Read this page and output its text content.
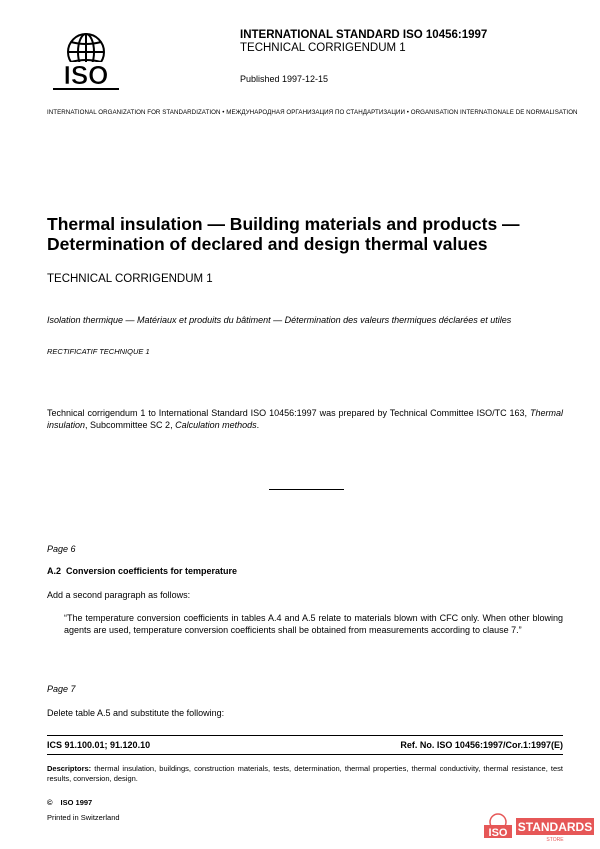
ISO
INTERNATIONAL STANDARD ISO 10456:1997
TECHNICAL CORRIGENDUM 1
Published 1997-12-15
INTERNATIONAL ORGANIZATION FOR STANDARDIZATION • МЕЖДУНАРОДНАЯ ОРГАНИЗАЦИЯ ПО СТАНДАРТИЗАЦИИ • ORGANISATION INTERNATIONALE DE NORMALISATION
Thermal insulation — Building materials and products —
Determination of declared and design thermal values
TECHNICAL CORRIGENDUM 1
Isolation thermique — Matériaux et produits du bâtiment — Détermination des valeurs thermiques déclarées et utiles
RECTIFICATIF TECHNIQUE 1
Technical corrigendum 1 to International Standard ISO 10456:1997 was prepared by Technical Committee ISO/TC 163, Thermal insulation, Subcommittee SC 2, Calculation methods.
Page 6
A.2 Conversion coefficients for temperature
Add a second paragraph as follows:
“The temperature conversion coefficients in tables A.4 and A.5 relate to materials blown with CFC only. When other blowing agents are used, temperature conversion coefficients shall be obtained from measurements according to clause 7.”
Page 7
Delete table A.5 and substitute the following:
ICS 91.100.01; 91.120.10	Ref. No. ISO 10456:1997/Cor.1:1997(E)
Descriptors: thermal insulation, buildings, construction materials, tests, determination, thermal properties, thermal conductivity, thermal resistance, test results, conversion, design.
© ISO 1997
Printed in Switzerland
ISO STANDARDS
STORE
